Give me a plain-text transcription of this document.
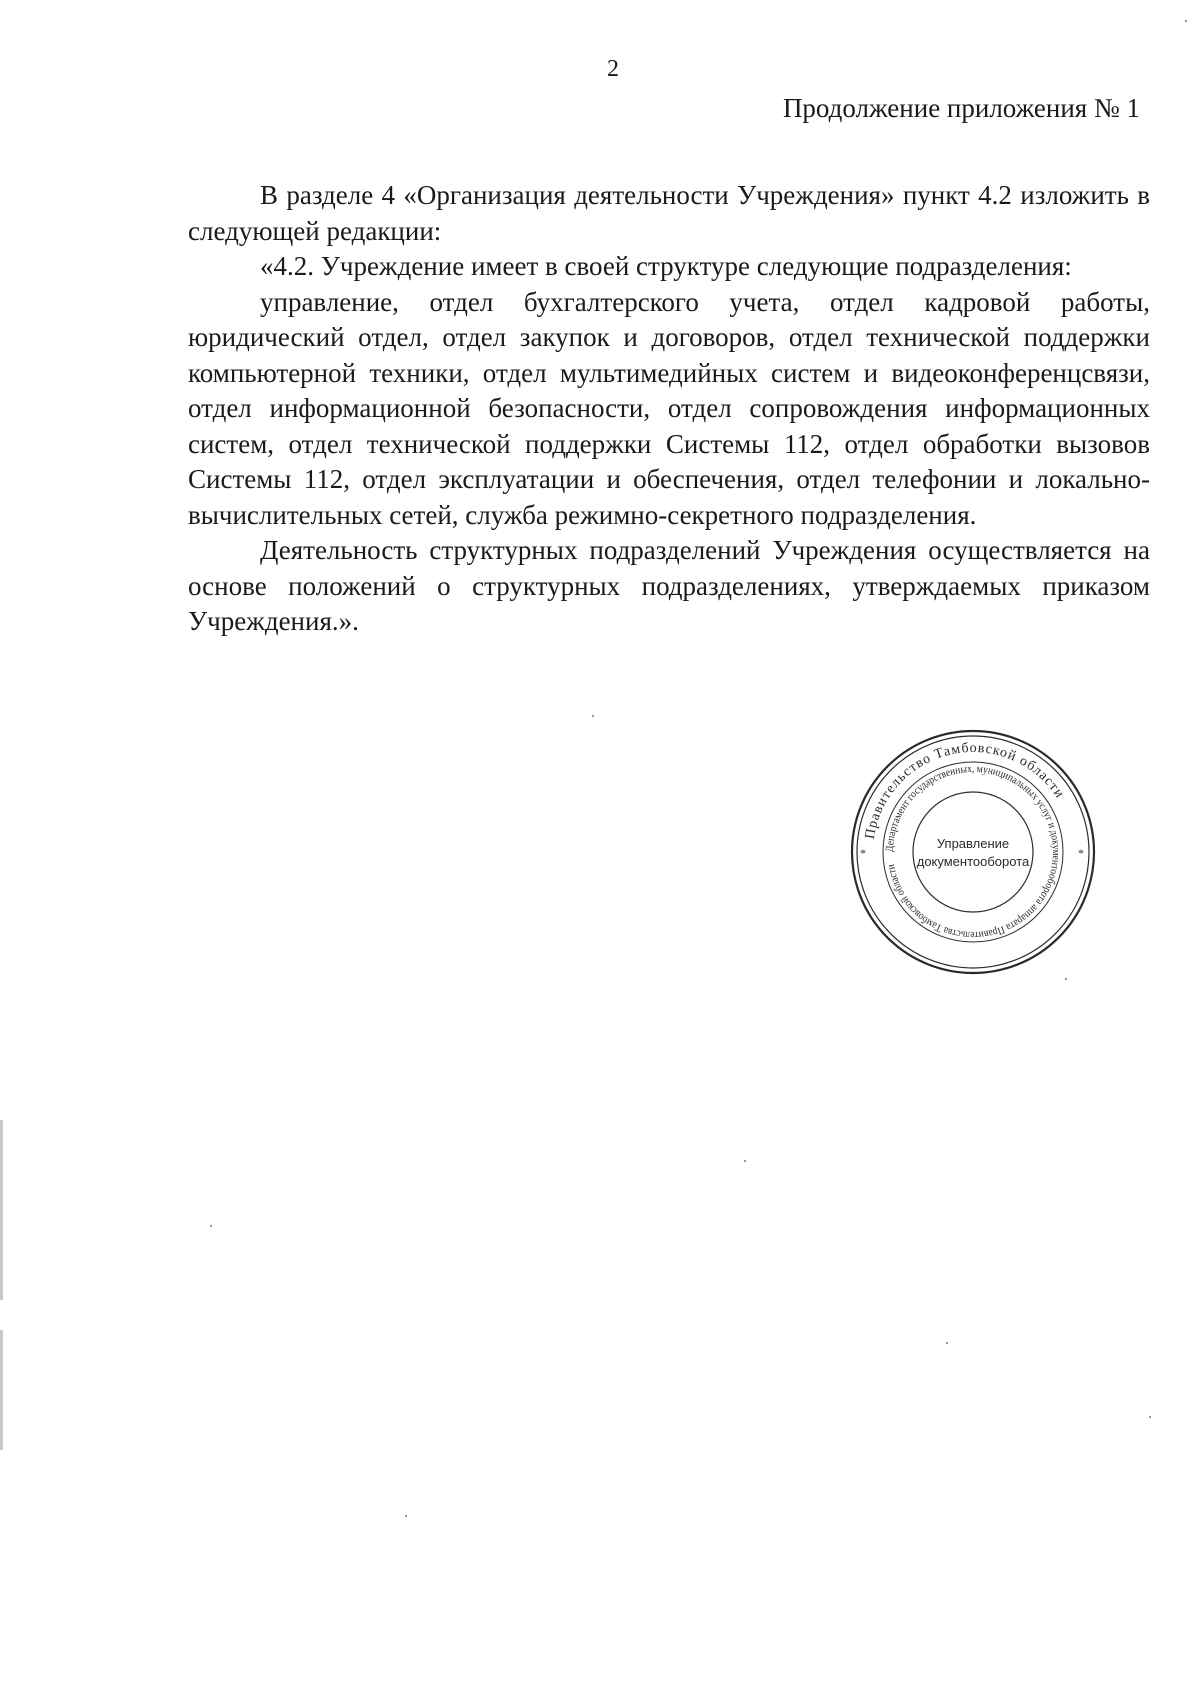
2
Продолжение приложения № 1

В разделе 4 «Организация деятельности Учреждения» пункт 4.2 изложить в следующей редакции:

«4.2. Учреждение имеет в своей структуре следующие подразделения:

управление, отдел бухгалтерского учета, отдел кадровой работы, юридический отдел, отдел закупок и договоров, отдел технической поддержки компьютерной техники, отдел мультимедийных систем и видеоконференцсвязи, отдел информационной безопасности, отдел сопровождения информационных систем, отдел технической поддержки Системы 112, отдел обработки вызовов Системы 112, отдел эксплуатации и обеспечения, отдел телефонии и локально-вычислительных сетей, служба режимно-секретного подразделения.

Деятельность структурных подразделений Учреждения осуществляется на основе положений о структурных подразделениях, утверждаемых приказом Учреждения.».

Правительство Тамбовской области
Департамент государственных, муниципальных услуг и документооборота аппарата Правительства Тамбовской области
*	*
Управление
документооборота
